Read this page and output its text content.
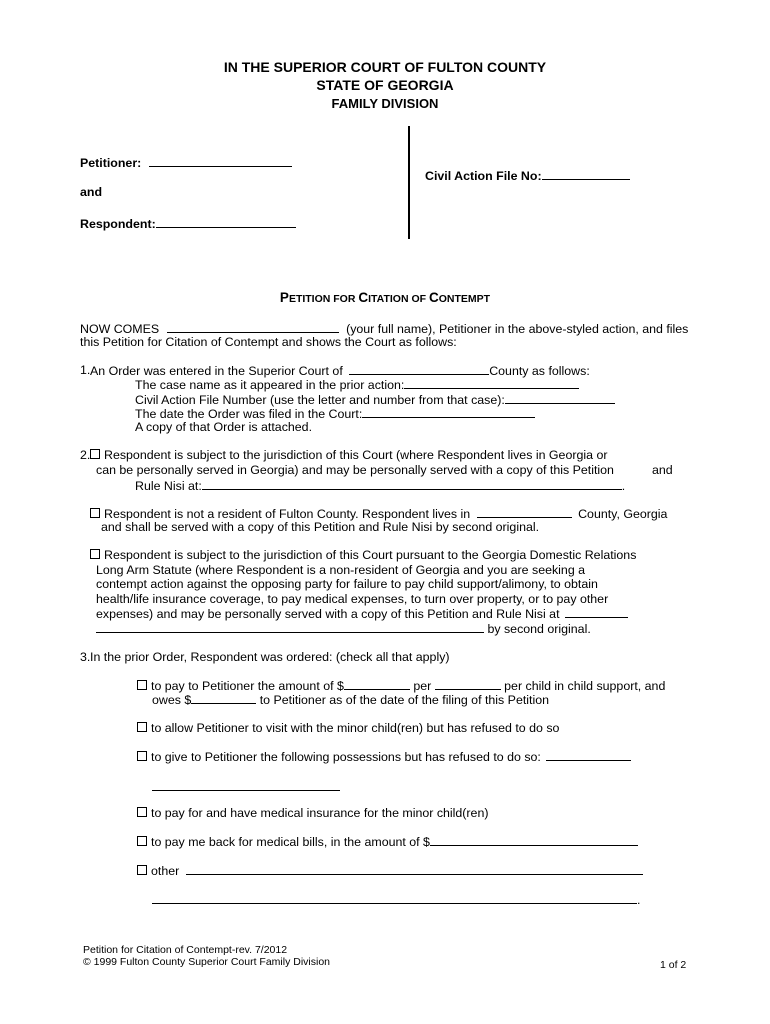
IN THE SUPERIOR COURT OF FULTON COUNTY
STATE OF GEORGIA
FAMILY DIVISION
Petitioner:
and
Respondent:
Civil Action File No:
PETITION FOR CITATION OF CONTEMPT
NOW COMES	(your full name), Petitioner in the above-styled action, and files
this Petition for Citation of Contempt and shows the Court as follows:
1. An Order was entered in the Superior Court of	County as follows:
The case name as it appeared in the prior action:
Civil Action File Number (use the letter and number from that case):
The date the Order was filed in the Court:
A copy of that Order is attached.
2.	Respondent is subject to the jurisdiction of this Court (where Respondent lives in Georgia or
can be personally served in Georgia) and may be personally served with a copy of this Petition	and
Rule Nisi at:	.
Respondent is not a resident of Fulton County. Respondent lives in	County, Georgia
and shall be served with a copy of this Petition and Rule Nisi by second original.
Respondent is subject to the jurisdiction of this Court pursuant to the Georgia Domestic Relations
Long Arm Statute (where Respondent is a non-resident of Georgia and you are seeking a
contempt action against the opposing party for failure to pay child support/alimony, to obtain
health/life insurance coverage, to pay medical expenses, to turn over property, or to pay other
expenses) and may be personally served with a copy of this Petition and Rule Nisi at
by second original.
3. In the prior Order, Respondent was ordered: (check all that apply)
to pay to Petitioner the amount of $	per	per child in child support, and
owes $	to Petitioner as of the date of the filing of this Petition
to allow Petitioner to visit with the minor child(ren) but has refused to do so
to give to Petitioner the following possessions but has refused to do so:
to pay for and have medical insurance for the minor child(ren)
to pay me back for medical bills, in the amount of $
other
.
Petition for Citation of Contempt-rev. 7/2012
© 1999 Fulton County Superior Court Family Division	1 of 2
